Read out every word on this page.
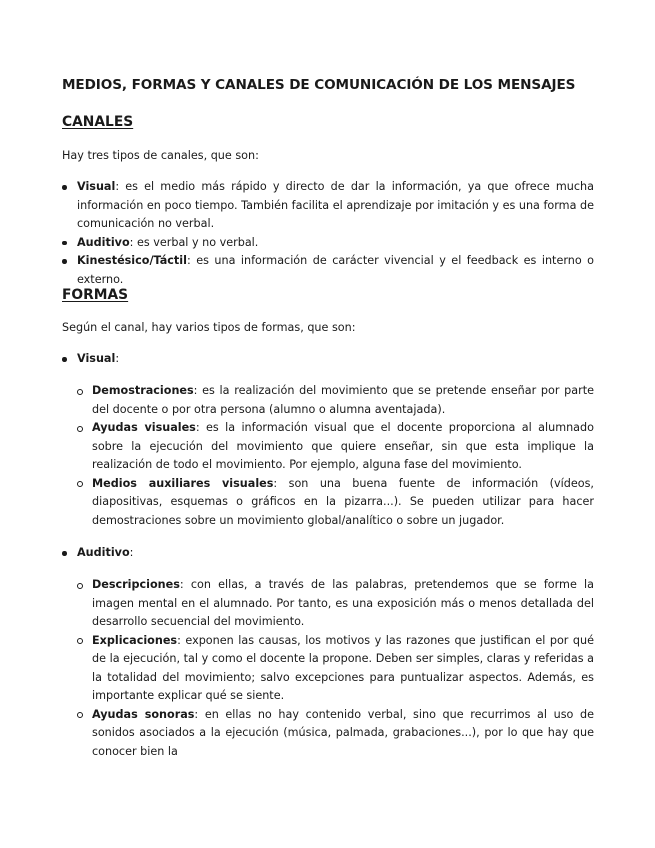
MEDIOS, FORMAS Y CANALES DE COMUNICACIÓN DE LOS MENSAJES
CANALES
Hay tres tipos de canales, que son:
Visual: es el medio más rápido y directo de dar la información, ya que ofrece mucha información en poco tiempo. También facilita el aprendizaje por imitación y es una forma de comunicación no verbal.
Auditivo: es verbal y no verbal.
Kinestésico/Táctil: es una información de carácter vivencial y el feedback es interno o externo.
FORMAS
Según el canal, hay varios tipos de formas, que son:
Visual:
Demostraciones: es la realización del movimiento que se pretende enseñar por parte del docente o por otra persona (alumno o alumna aventajada).
Ayudas visuales: es la información visual que el docente proporciona al alumnado sobre la ejecución del movimiento que quiere enseñar, sin que esta implique la realización de todo el movimiento. Por ejemplo, alguna fase del movimiento.
Medios auxiliares visuales: son una buena fuente de información (vídeos, diapositivas, esquemas o gráficos en la pizarra...). Se pueden utilizar para hacer demostraciones sobre un movimiento global/analítico o sobre un jugador.
Auditivo:
Descripciones: con ellas, a través de las palabras, pretendemos que se forme la imagen mental en el alumnado. Por tanto, es una exposición más o menos detallada del desarrollo secuencial del movimiento.
Explicaciones: exponen las causas, los motivos y las razones que justifican el por qué de la ejecución, tal y como el docente la propone. Deben ser simples, claras y referidas a la totalidad del movimiento; salvo excepciones para puntualizar aspectos. Además, es importante explicar qué se siente.
Ayudas sonoras: en ellas no hay contenido verbal, sino que recurrimos al uso de sonidos asociados a la ejecución (música, palmada, grabaciones...), por lo que hay que conocer bien la
